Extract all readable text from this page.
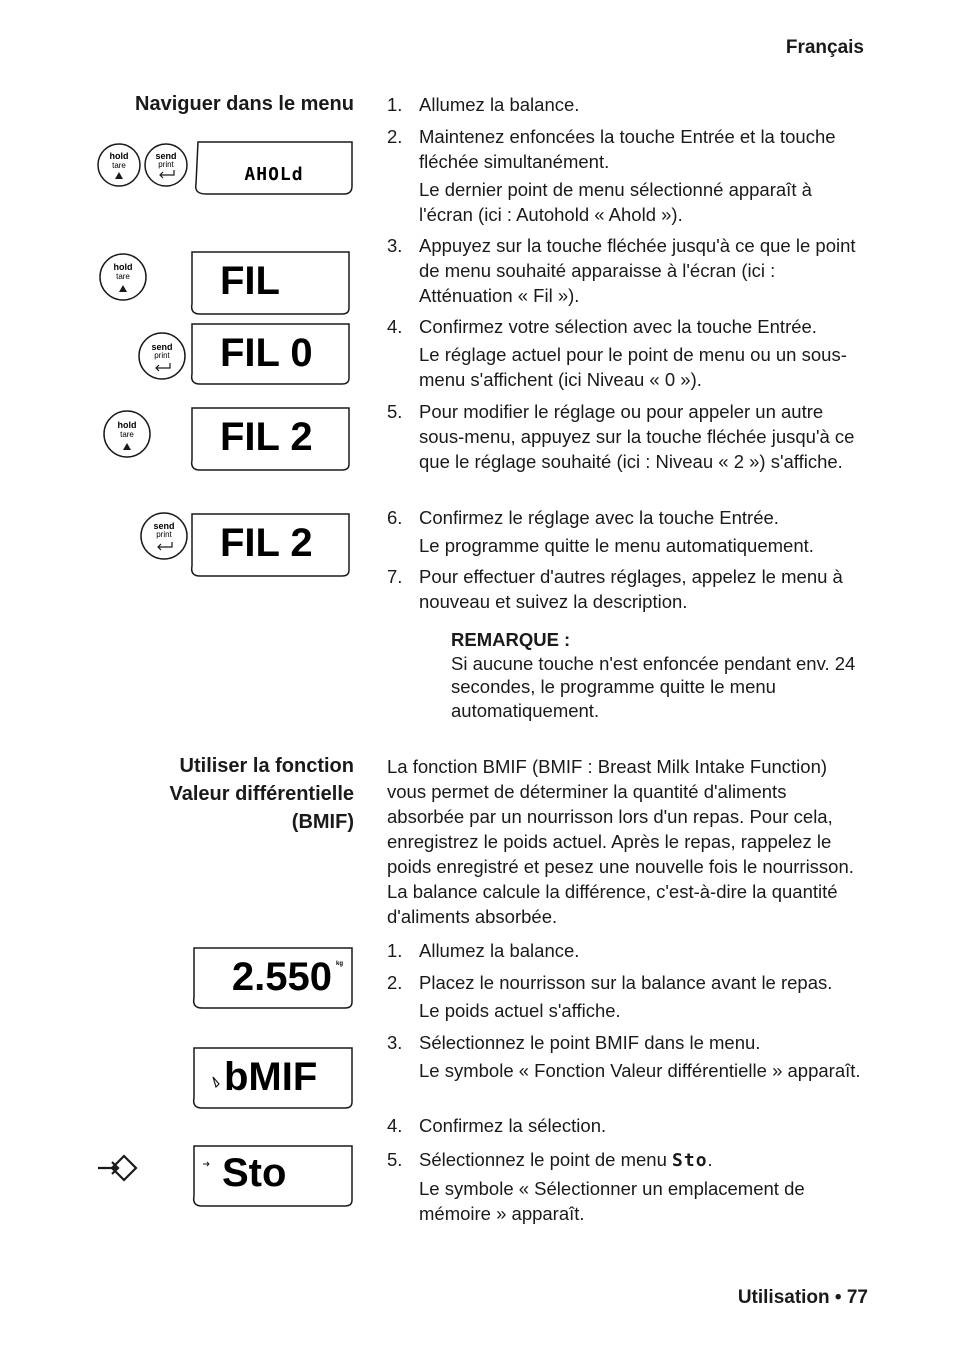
Français
Naviguer dans le menu
hold
tare
send
print	AHOLd
hold
tare FIL
send
print FIL 0
hold
tare FIL 2
send
print FIL 2
1. Allumez la balance.
2. Maintenez enfoncées la touche Entrée et la touche fléchée simultanément.
Le dernier point de menu sélectionné apparaît à l'écran (ici : Autohold « Ahold »).
3. Appuyez sur la touche fléchée jusqu'à ce que le point de menu souhaité apparaisse à l'écran (ici : Atténuation « Fil »).
4. Confirmez votre sélection avec la touche Entrée.
Le réglage actuel pour le point de menu ou un sous-menu s'affichent (ici Niveau « 0 »).
5. Pour modifier le réglage ou pour appeler un autre sous-menu, appuyez sur la touche fléchée jusqu'à ce que le réglage souhaité (ici : Niveau « 2 ») s'affiche.
6. Confirmez le réglage avec la touche Entrée.
Le programme quitte le menu automatiquement.
7. Pour effectuer d'autres réglages, appelez le menu à nouveau et suivez la description.
REMARQUE :
Si aucune touche n'est enfoncée pendant env. 24 secondes, le programme quitte le menu automatiquement.
Utiliser la fonction Valeur différentielle (BMIF)
La fonction BMIF (BMIF : Breast Milk Intake Function) vous permet de déterminer la quantité d'aliments absorbée par un nourrisson lors d'un repas. Pour cela, enregistrez le poids actuel. Après le repas, rappelez le poids enregistré et pesez une nouvelle fois le nourrisson. La balance calcule la différence, c'est-à-dire la quantité d'aliments absorbée.
2.550 kg
bMIF
Sto
1. Allumez la balance.
2. Placez le nourrisson sur la balance avant le repas.
Le poids actuel s'affiche.
3. Sélectionnez le point BMIF dans le menu.
Le symbole « Fonction Valeur différentielle » apparaît.
4. Confirmez la sélection.
5. Sélectionnez le point de menu Sto.
Le symbole « Sélectionner un emplacement de mémoire » apparaît.
Utilisation • 77
